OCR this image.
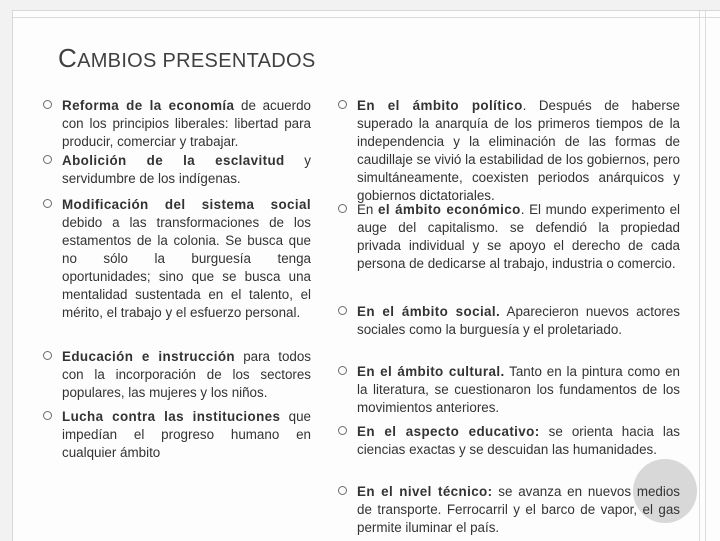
CAMBIOS PRESENTADOS
Reforma de la economía de acuerdo con los principios liberales: libertad para producir, comerciar y trabajar.
Abolición de la esclavitud y servidumbre de los indígenas.
Modificación del sistema social debido a las transformaciones de los estamentos de la colonia. Se busca que no sólo la burguesía tenga oportunidades; sino que se busca una mentalidad sustentada en el talento, el mérito, el trabajo y el esfuerzo personal.
Educación e instrucción para todos con la incorporación de los sectores populares, las mujeres y los niños.
Lucha contra las instituciones que impedían el progreso humano en cualquier ámbito
En el ámbito político. Después de haberse superado la anarquía de los primeros tiempos de la independencia y la eliminación de las formas de caudillaje se vivió la estabilidad de los gobiernos, pero simultáneamente, coexisten periodos anárquicos y gobiernos dictatoriales.
En el ámbito económico. El mundo experimento el auge del capitalismo. se defendió la propiedad privada individual y se apoyo el derecho de cada persona de dedicarse al trabajo, industria o comercio.
En el ámbito social. Aparecieron nuevos actores sociales como la burguesía y el proletariado.
En el ámbito cultural. Tanto en la pintura como en la literatura, se cuestionaron los fundamentos de los movimientos anteriores.
En el aspecto educativo: se orienta hacia las ciencias exactas y se descuidan las humanidades.
En el nivel técnico: se avanza en nuevos medios de transporte. Ferrocarril y el barco de vapor, el gas permite iluminar el país.
